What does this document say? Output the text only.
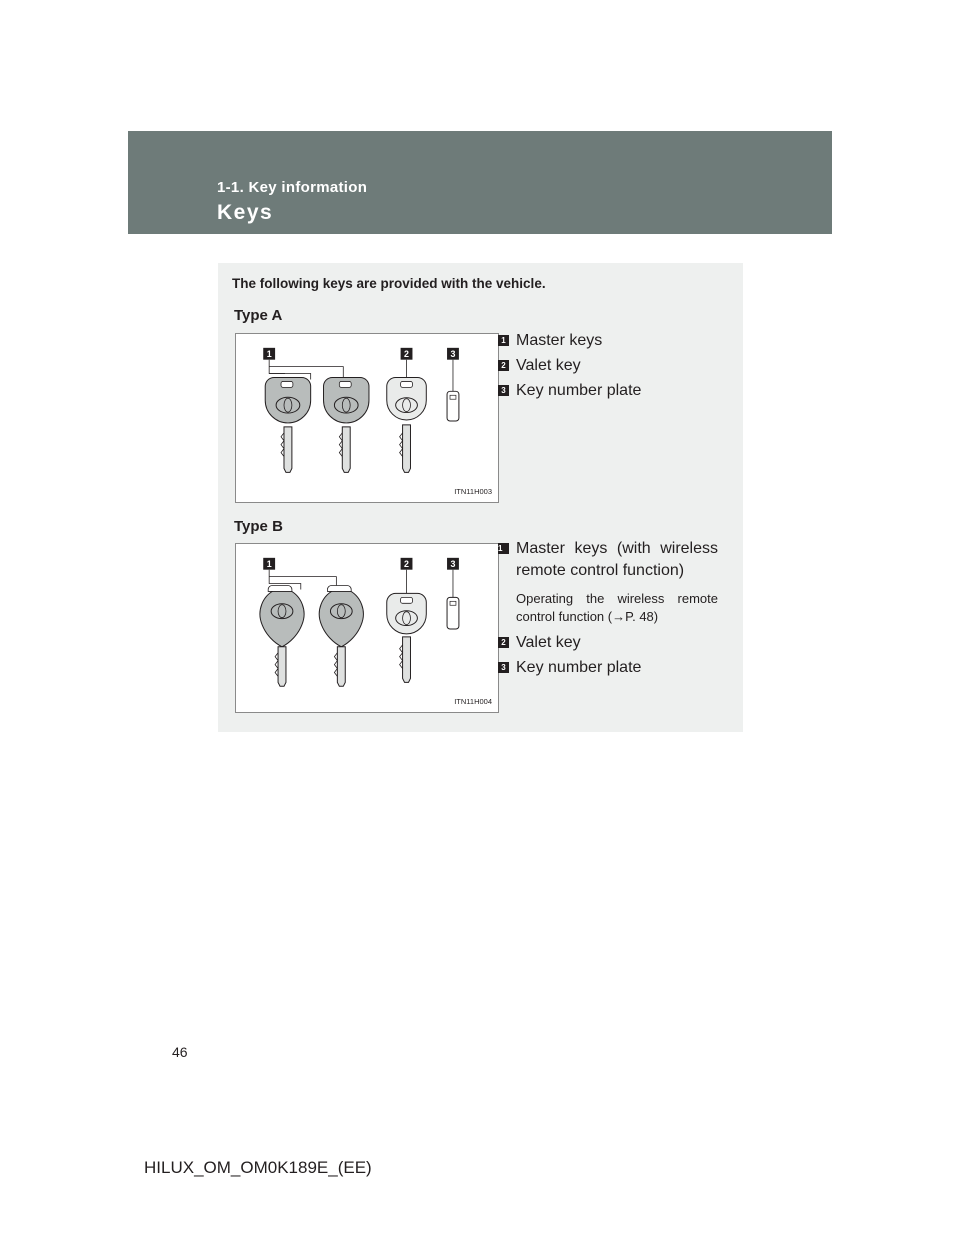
1-1. Key information
Keys
The following keys are provided with the vehicle.
Type A
1	2	3
ITN11H003
1 Master keys
2 Valet key
3 Key number plate
Type B
1	2	3
ITN11H004
1 Master keys (with wireless remote control function)
Operating the wireless remote control function (→P. 48)
2 Valet key
3 Key number plate
46
HILUX_OM_OM0K189E_(EE)
